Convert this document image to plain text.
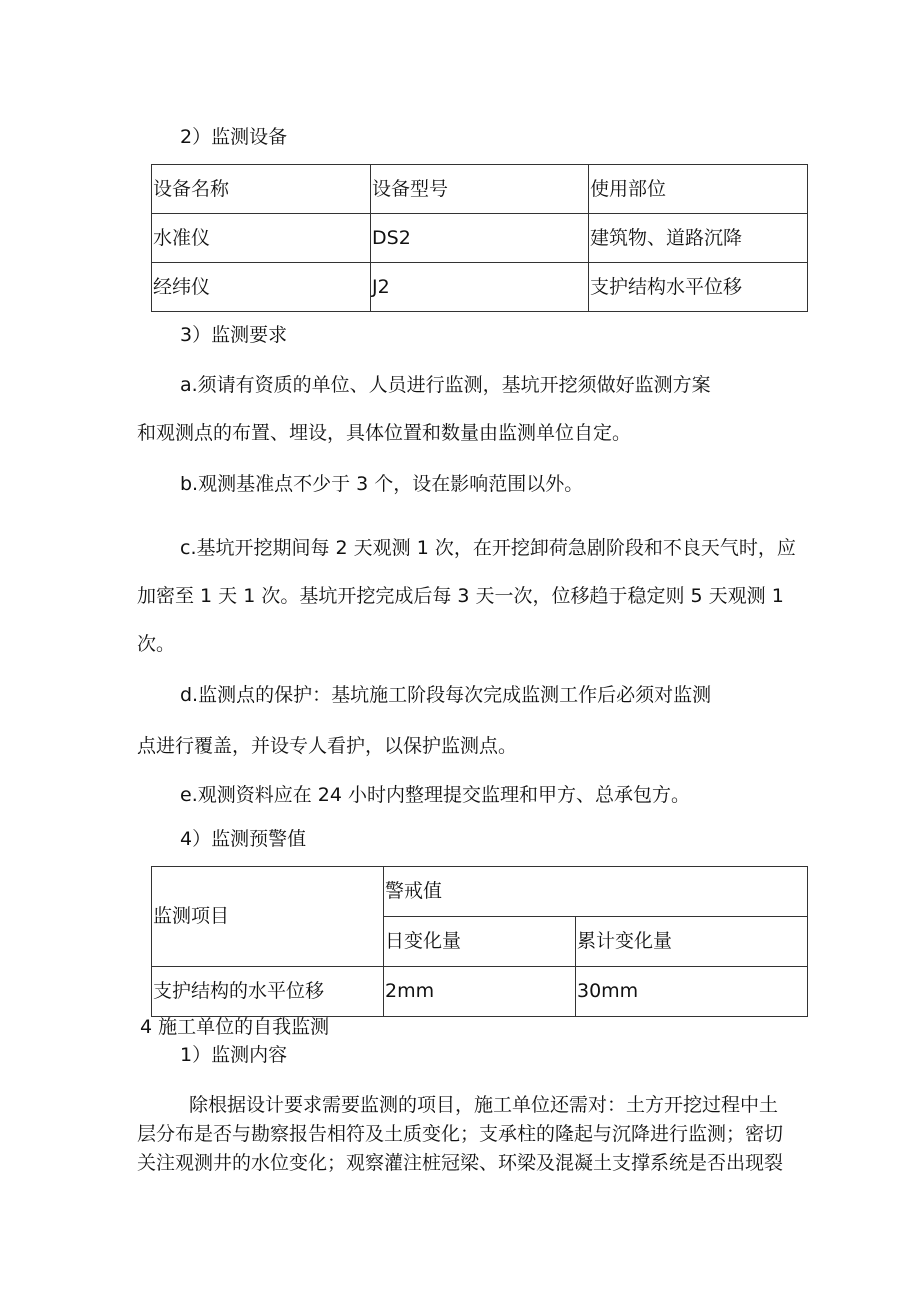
2）监测设备
设备名称	设备型号	使用部位
水准仪	DS2	建筑物、道路沉降
经纬仪	J2	支护结构水平位移
3）监测要求
a.须请有资质的单位、人员进行监测，基坑开挖须做好监测方案
和观测点的布置、埋设，具体位置和数量由监测单位自定。
b.观测基准点不少于 3 个，设在影响范围以外。
c.基坑开挖期间每 2 天观测 1 次，在开挖卸荷急剧阶段和不良天气时，应
加密至 1 天 1 次。基坑开挖完成后每 3 天一次，位移趋于稳定则 5 天观测 1
次。
d.监测点的保护：基坑施工阶段每次完成监测工作后必须对监测
点进行覆盖，并设专人看护，以保护监测点。
e.观测资料应在 24 小时内整理提交监理和甲方、总承包方。
4）监测预警值
监测项目	警戒值	
	日变化量	累计变化量
支护结构的水平位移	2mm	30mm
4 施工单位的自我监测
1）监测内容
除根据设计要求需要监测的项目，施工单位还需对：土方开挖过程中土
层分布是否与勘察报告相符及土质变化；支承柱的隆起与沉降进行监测；密切
关注观测井的水位变化；观察灌注桩冠梁、环梁及混凝土支撑系统是否出现裂
